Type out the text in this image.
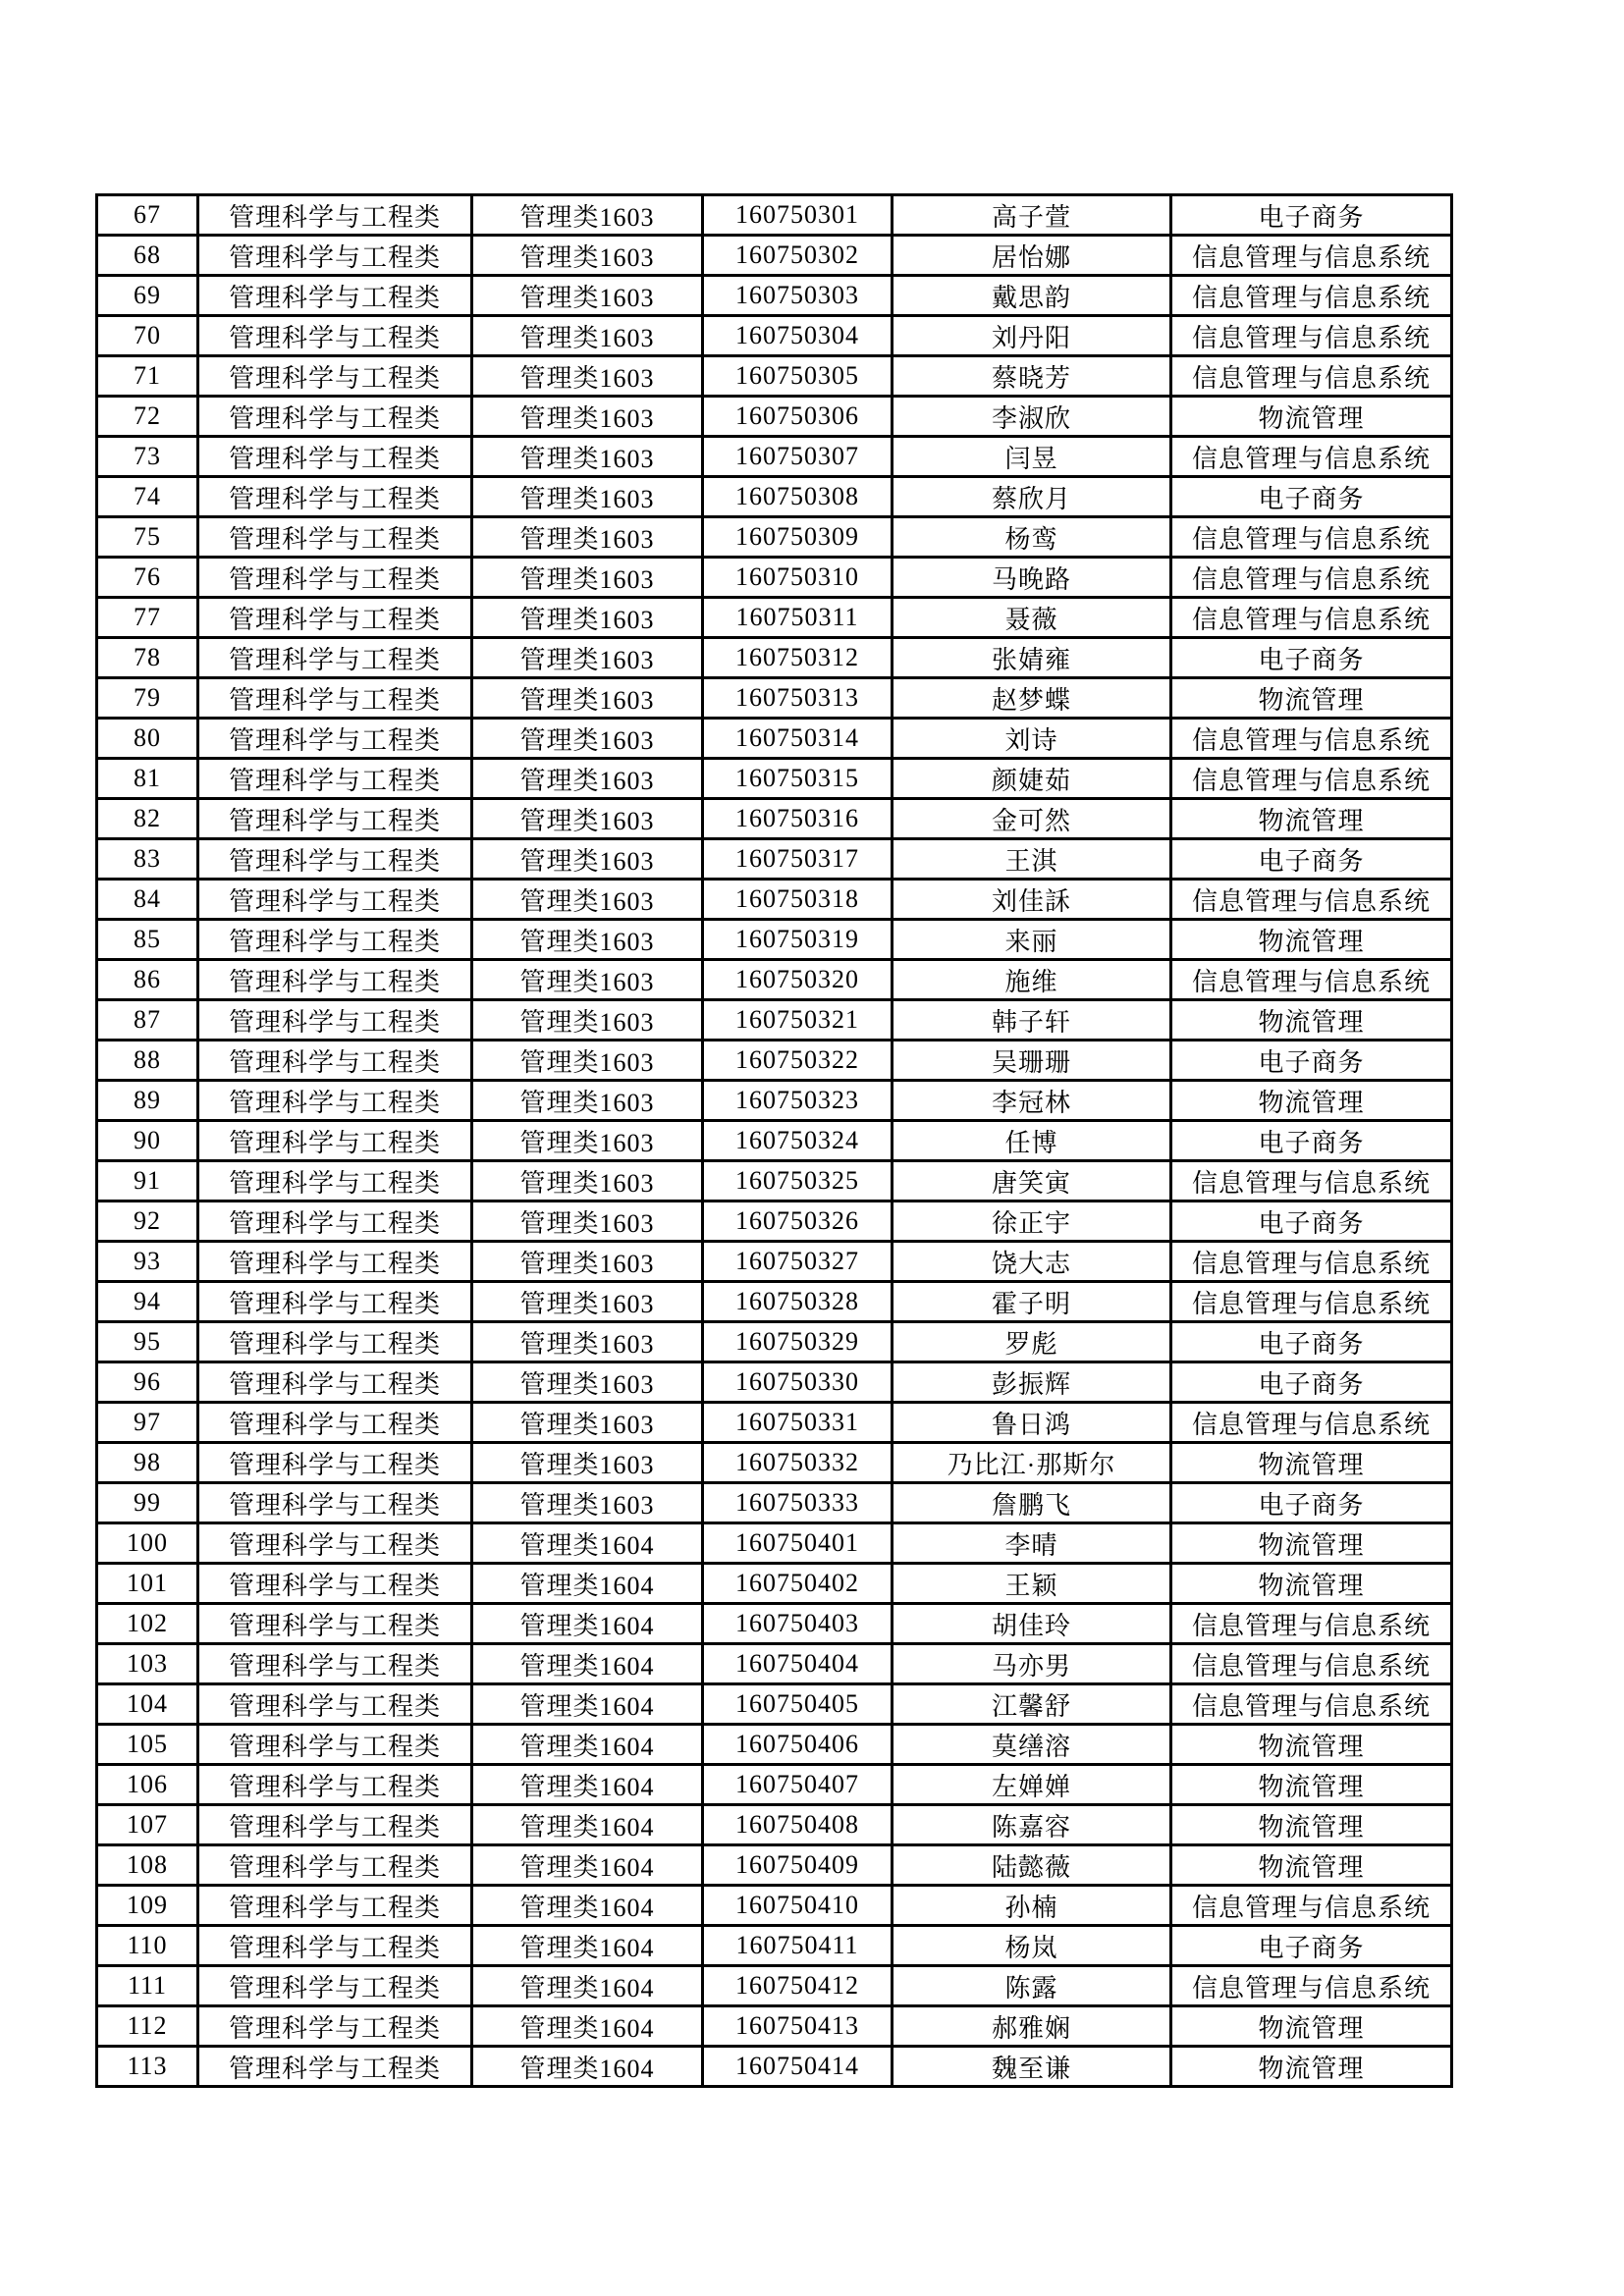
67	管理科学与工程类	管理类1603	160750301	高子萱	电子商务
68	管理科学与工程类	管理类1603	160750302	居怡娜	信息管理与信息系统
69	管理科学与工程类	管理类1603	160750303	戴思韵	信息管理与信息系统
70	管理科学与工程类	管理类1603	160750304	刘丹阳	信息管理与信息系统
71	管理科学与工程类	管理类1603	160750305	蔡晓芳	信息管理与信息系统
72	管理科学与工程类	管理类1603	160750306	李淑欣	物流管理
73	管理科学与工程类	管理类1603	160750307	闫昱	信息管理与信息系统
74	管理科学与工程类	管理类1603	160750308	蔡欣月	电子商务
75	管理科学与工程类	管理类1603	160750309	杨鸾	信息管理与信息系统
76	管理科学与工程类	管理类1603	160750310	马晚路	信息管理与信息系统
77	管理科学与工程类	管理类1603	160750311	聂薇	信息管理与信息系统
78	管理科学与工程类	管理类1603	160750312	张婧雍	电子商务
79	管理科学与工程类	管理类1603	160750313	赵梦蝶	物流管理
80	管理科学与工程类	管理类1603	160750314	刘诗	信息管理与信息系统
81	管理科学与工程类	管理类1603	160750315	颜婕茹	信息管理与信息系统
82	管理科学与工程类	管理类1603	160750316	金可然	物流管理
83	管理科学与工程类	管理类1603	160750317	王淇	电子商务
84	管理科学与工程类	管理类1603	160750318	刘佳訸	信息管理与信息系统
85	管理科学与工程类	管理类1603	160750319	来丽	物流管理
86	管理科学与工程类	管理类1603	160750320	施维	信息管理与信息系统
87	管理科学与工程类	管理类1603	160750321	韩子轩	物流管理
88	管理科学与工程类	管理类1603	160750322	吴珊珊	电子商务
89	管理科学与工程类	管理类1603	160750323	李冠林	物流管理
90	管理科学与工程类	管理类1603	160750324	任博	电子商务
91	管理科学与工程类	管理类1603	160750325	唐笑寅	信息管理与信息系统
92	管理科学与工程类	管理类1603	160750326	徐正宇	电子商务
93	管理科学与工程类	管理类1603	160750327	饶大志	信息管理与信息系统
94	管理科学与工程类	管理类1603	160750328	霍子明	信息管理与信息系统
95	管理科学与工程类	管理类1603	160750329	罗彪	电子商务
96	管理科学与工程类	管理类1603	160750330	彭振辉	电子商务
97	管理科学与工程类	管理类1603	160750331	鲁日鸿	信息管理与信息系统
98	管理科学与工程类	管理类1603	160750332	乃比江·那斯尔	物流管理
99	管理科学与工程类	管理类1603	160750333	詹鹏飞	电子商务
100	管理科学与工程类	管理类1604	160750401	李晴	物流管理
101	管理科学与工程类	管理类1604	160750402	王颖	物流管理
102	管理科学与工程类	管理类1604	160750403	胡佳玲	信息管理与信息系统
103	管理科学与工程类	管理类1604	160750404	马亦男	信息管理与信息系统
104	管理科学与工程类	管理类1604	160750405	江馨舒	信息管理与信息系统
105	管理科学与工程类	管理类1604	160750406	莫缮溶	物流管理
106	管理科学与工程类	管理类1604	160750407	左婵婵	物流管理
107	管理科学与工程类	管理类1604	160750408	陈嘉容	物流管理
108	管理科学与工程类	管理类1604	160750409	陆懿薇	物流管理
109	管理科学与工程类	管理类1604	160750410	孙楠	信息管理与信息系统
110	管理科学与工程类	管理类1604	160750411	杨岚	电子商务
111	管理科学与工程类	管理类1604	160750412	陈露	信息管理与信息系统
112	管理科学与工程类	管理类1604	160750413	郝雅娴	物流管理
113	管理科学与工程类	管理类1604	160750414	魏至谦	物流管理
